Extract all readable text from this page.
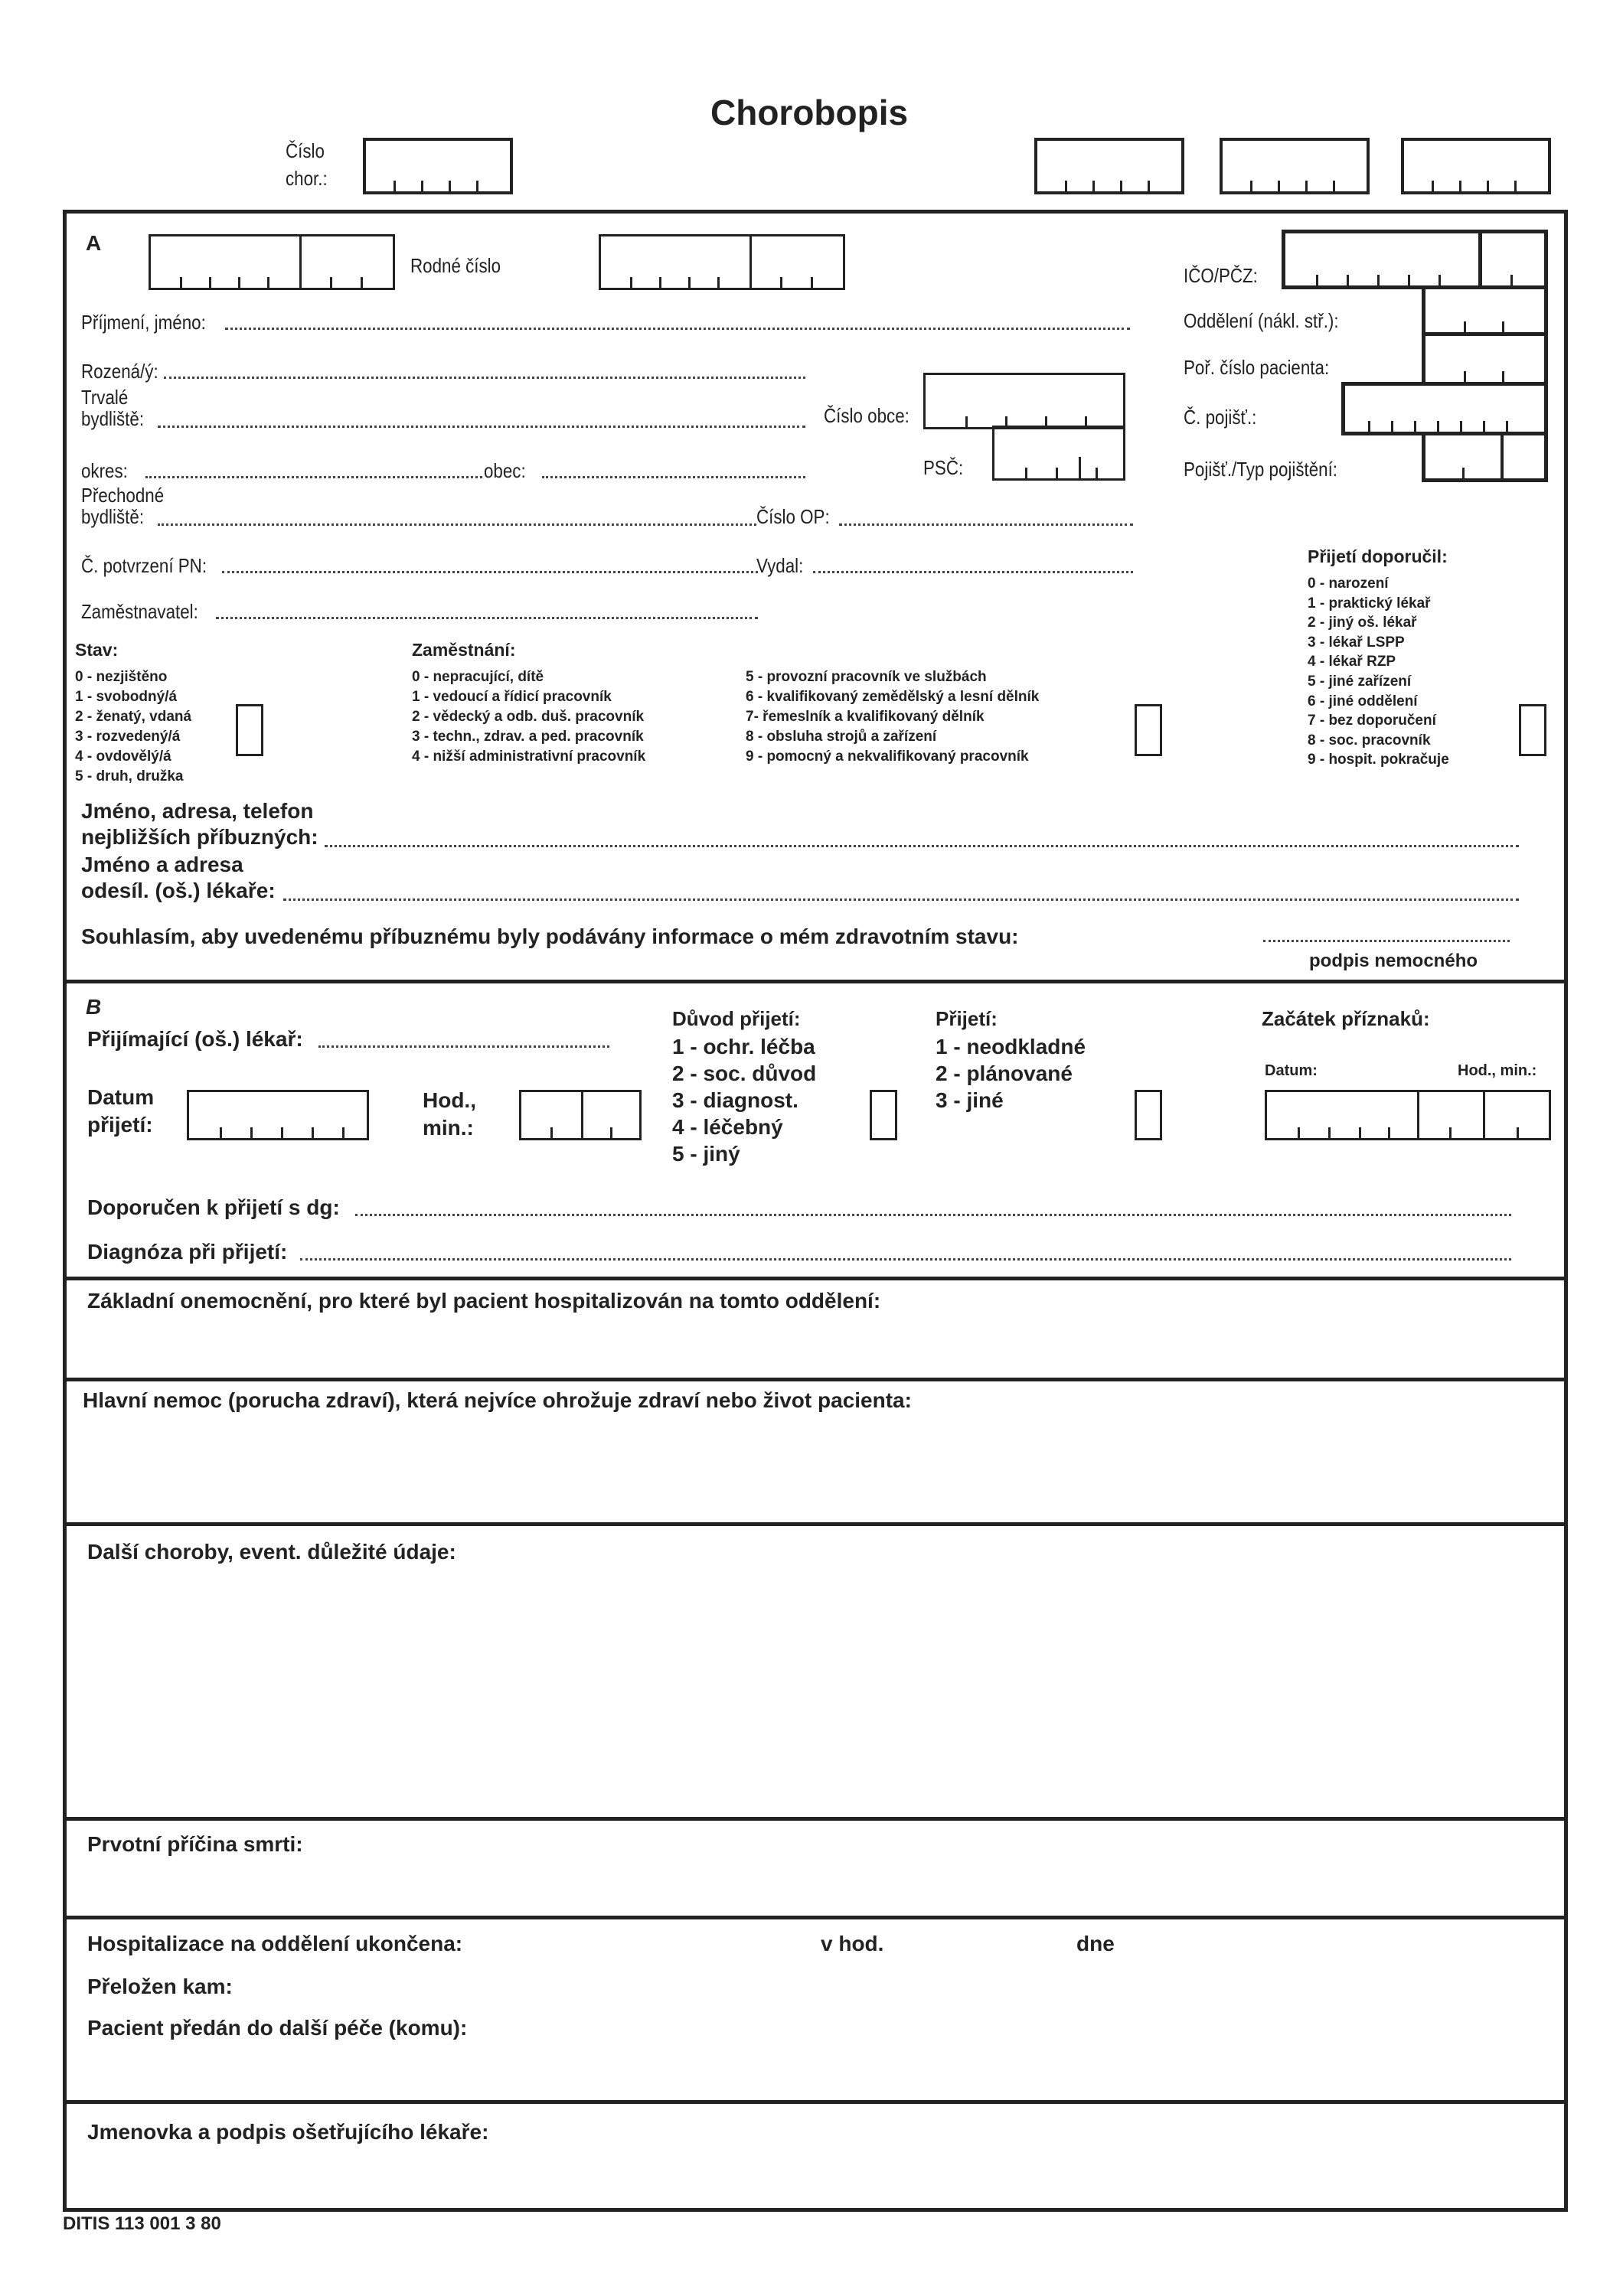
Chorobopis
Číslo
chor.:
A
Rodné číslo	IČO/PČZ:
Oddělení (nákl. stř.):
Poř. číslo pacienta:
Č. pojišť.:
Pojišť./Typ pojištění:
Příjmení, jméno:
Rozená/ý:
Trvalé
bydliště:	Číslo obce:
okres:	obec:	PSČ:
Přechodné
bydliště:	Číslo OP:
Č. potvrzení PN:	Vydal:
Zaměstnavatel:
Stav:
0 - nezjištěno
1 - svobodný/á
2 - ženatý, vdaná
3 - rozvedený/á
4 - ovdovělý/á
5 - druh, družka
Zaměstnání:
0 - nepracující, dítě
1 - vedoucí a řídicí pracovník
2 - vědecký a odb. duš. pracovník
3 - techn., zdrav. a ped. pracovník
4 - nižší administrativní pracovník
5 - provozní pracovník ve službách
6 - kvalifikovaný zemědělský a lesní dělník
7- řemeslník a kvalifikovaný dělník
8 - obsluha strojů a zařízení
9 - pomocný a nekvalifikovaný pracovník
Přijetí doporučil:
0 - narození
1 - praktický lékař
2 - jiný oš. lékař
3 - lékař LSPP
4 - lékař RZP
5 - jiné zařízení
6 - jiné oddělení
7 - bez doporučení
8 - soc. pracovník
9 - hospit. pokračuje
Jméno, adresa, telefon
nejbližších příbuzných:
Jméno a adresa
odesíl. (oš.) lékaře:
Souhlasím, aby uvedenému příbuznému byly podávány informace o mém zdravotním stavu:
podpis nemocného
B
Přijímající (oš.) lékař:
Datum
přijetí:
Hod.,
min.:
Důvod přijetí:
1 - ochr. léčba
2 - soc. důvod
3 - diagnost.
4 - léčebný
5 - jiný
Přijetí:
1 - neodkladné
2 - plánované
3 - jiné
Začátek příznaků:
Datum:	Hod., min.:
Doporučen k přijetí s dg:
Diagnóza při přijetí:
Základní onemocnění, pro které byl pacient hospitalizován na tomto oddělení:
Hlavní nemoc (porucha zdraví), která nejvíce ohrožuje zdraví nebo život pacienta:
Další choroby, event. důležité údaje:
Prvotní příčina smrti:
Hospitalizace na oddělení ukončena:	v hod.	dne
Přeložen kam:
Pacient předán do další péče (komu):
Jmenovka a podpis ošetřujícího lékaře:
DITIS 113 001 3 80
